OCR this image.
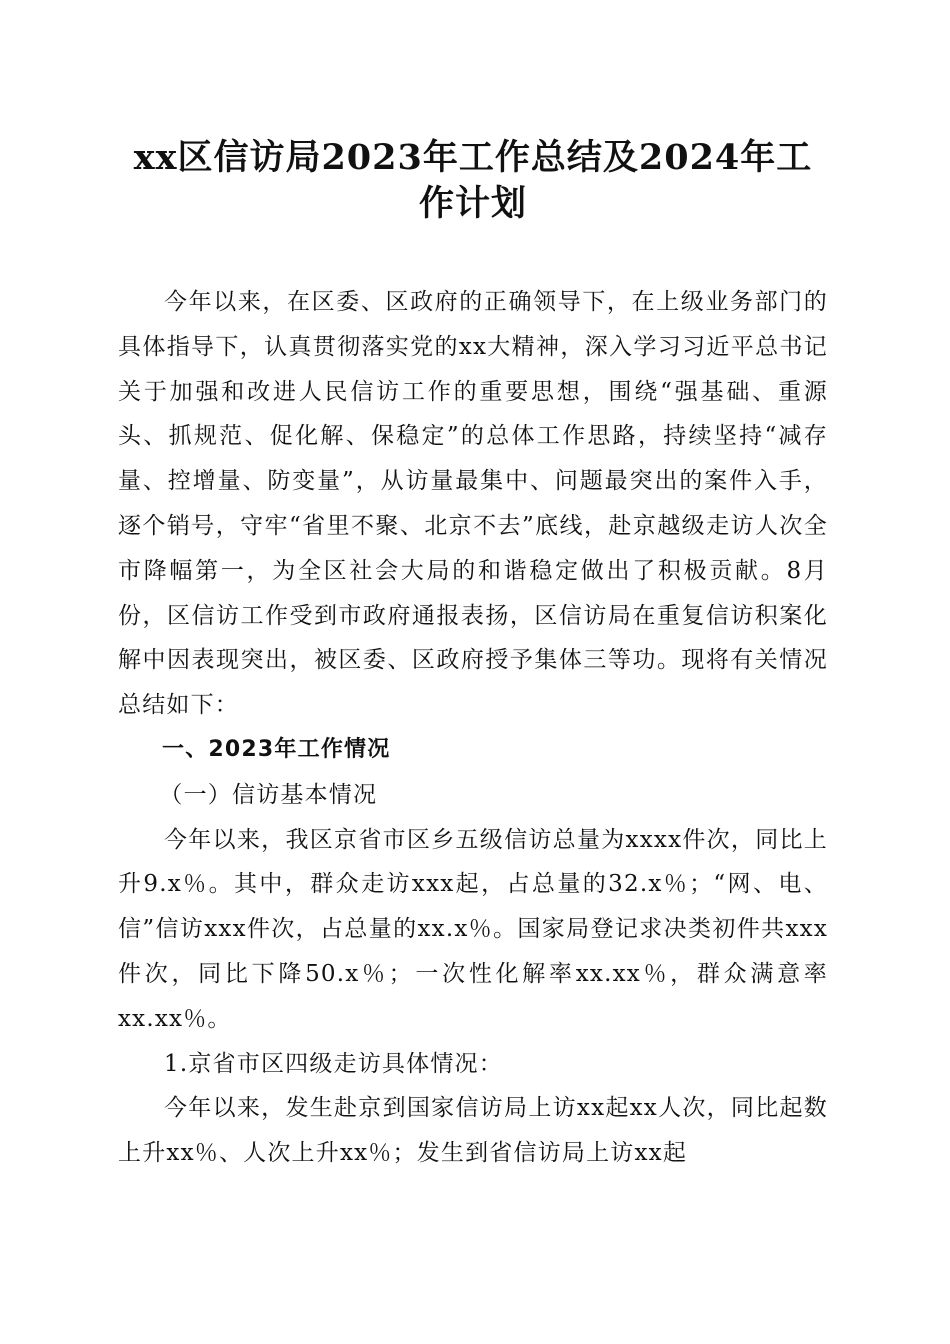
xx区信访局2023年工作总结及2024年工作计划

今年以来，在区委、区政府的正确领导下，在上级业务部门的具体指导下，认真贯彻落实党的xx大精神，深入学习习近平总书记关于加强和改进人民信访工作的重要思想，围绕“强基础、重源头、抓规范、促化解、保稳定”的总体工作思路，持续坚持“减存量、控增量、防变量”，从访量最集中、问题最突出的案件入手，逐个销号，守牢“省里不聚、北京不去”底线，赴京越级走访人次全市降幅第一，为全区社会大局的和谐稳定做出了积极贡献。8月份，区信访工作受到市政府通报表扬，区信访局在重复信访积案化解中因表现突出，被区委、区政府授予集体三等功。现将有关情况总结如下：

一、2023年工作情况

（一）信访基本情况

今年以来，我区京省市区乡五级信访总量为xxxx件次，同比上升9.x％。其中，群众走访xxx起，占总量的32.x％；“网、电、信”信访xxx件次，占总量的xx.x％。国家局登记求决类初件共xxx件次，同比下降50.x％；一次性化解率xx.xx％，群众满意率xx.xx％。

1.京省市区四级走访具体情况：

今年以来，发生赴京到国家信访局上访xx起xx人次，同比起数上升xx％、人次上升xx％；发生到省信访局上访xx起
